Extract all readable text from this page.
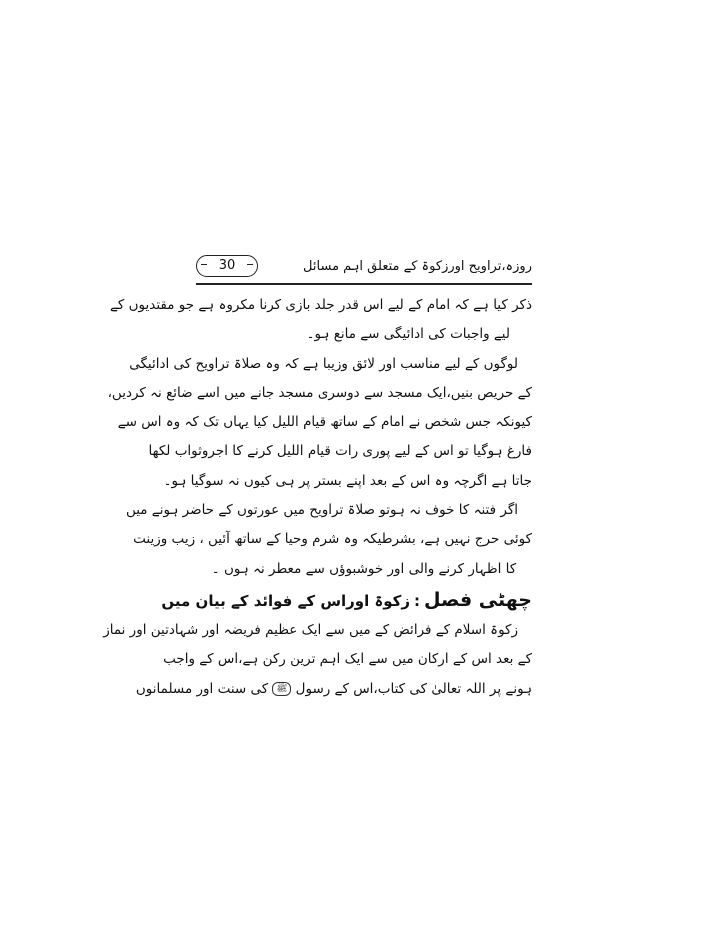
روزہ،تراویح اورزکوۃ کے متعلق اہم مسائل
30
ذکر کیا ہے کہ امام کے لیے اس قدر جلد بازی کرنا مکروہ ہے جو مقتدیوں کے
لیے واجبات کی ادائیگی سے مانع ہو۔
لوگوں کے لیے مناسب اور لائق وزیبا ہے کہ وہ صلاۃ تراویح کی ادائیگی
کے حریص بنیں،ایک مسجد سے دوسری مسجد جانے میں اسے ضائع نہ کردیں،
کیونکہ جس شخص نے امام کے ساتھ قیام اللیل کیا یہاں تک کہ وہ اس سے
فارغ ہوگیا تو اس کے لیے پوری رات قیام اللیل کرنے کا اجروثواب لکھا
جاتا ہے اگرچہ وہ اس کے بعد اپنے بستر پر ہی کیوں نہ سوگیا ہو۔
اگر فتنہ کا خوف نہ ہوتو صلاۃ تراویح میں عورتوں کے حاضر ہونے میں
کوئی حرج نہیں ہے، بشرطیکہ وہ شرم وحیا کے ساتھ آئیں ، زیب وزینت
کا اظہار کرنے والی اور خوشبوؤں سے معطر نہ ہوں ۔
چھٹی فصل:زکوۃ اوراس کے فوائد کے بیان میں
زکوۃ اسلام کے فرائض کے میں سے ایک عظیم فریضہ اور شہادتین اور نماز
کے بعد اس کے ارکان میں سے ایک اہم ترین رکن ہے،اس کے واجب
ہونے پر اللہ تعالیٰ کی کتاب،اس کے رسول ﷺ کی سنت اور مسلمانوں
